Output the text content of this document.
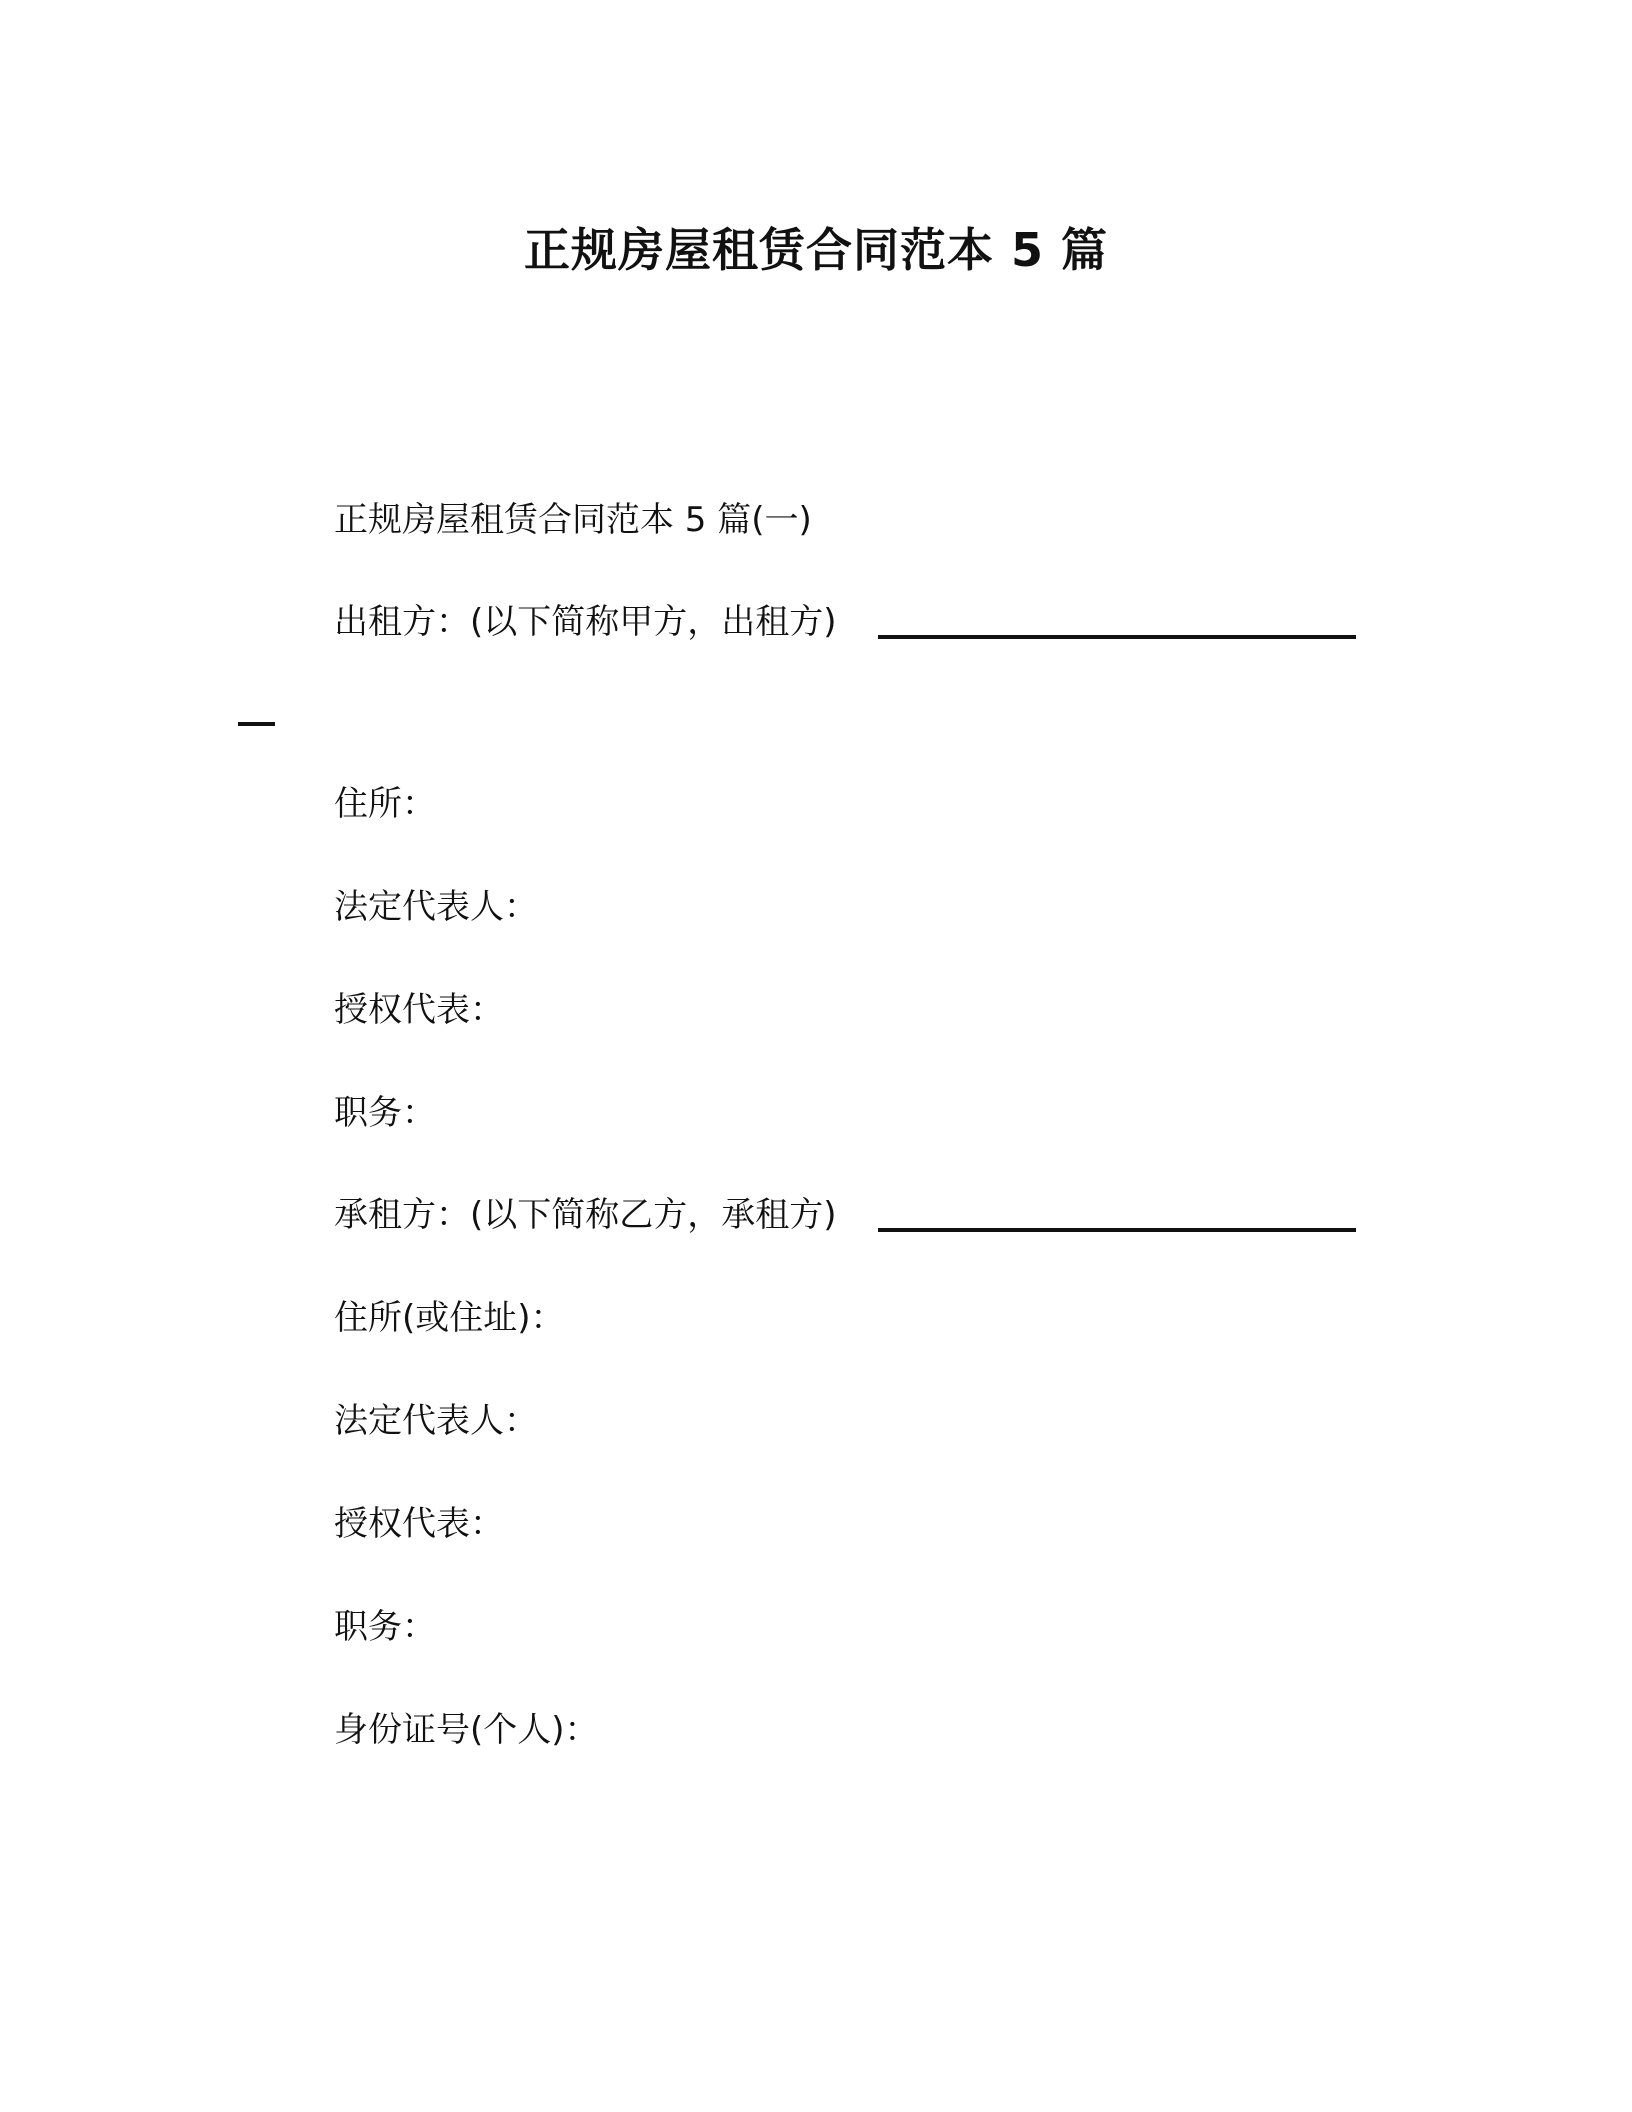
正规房屋租赁合同范本 5 篇
正规房屋租赁合同范本 5 篇(一)
出租方：(以下简称甲方，出租方)
住所：
法定代表人：
授权代表：
职务：
承租方：(以下简称乙方，承租方)
住所(或住址)：
法定代表人：
授权代表：
职务：
身份证号(个人)：
